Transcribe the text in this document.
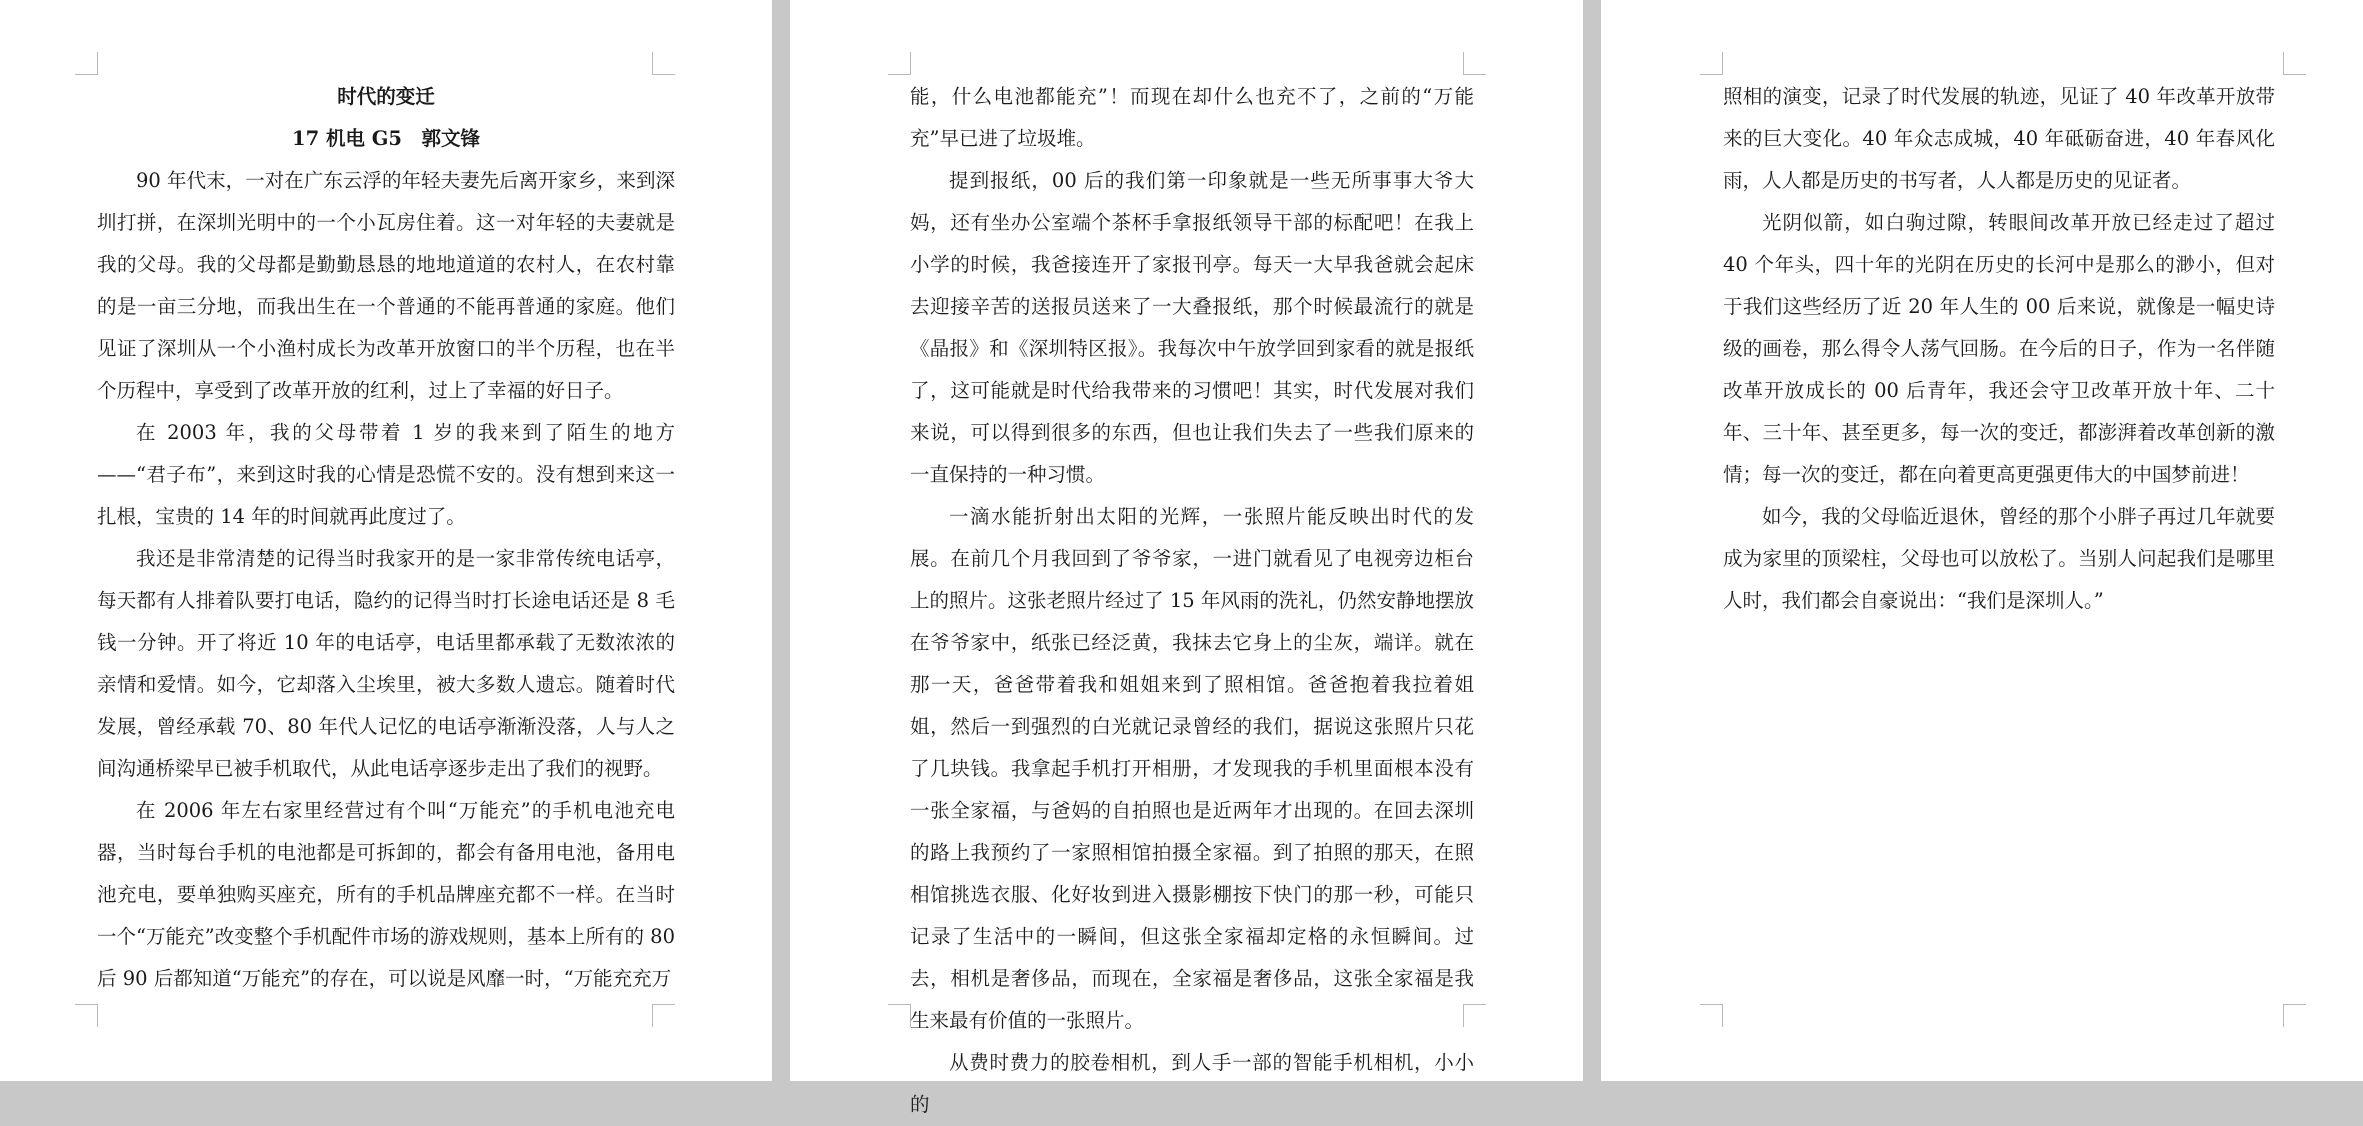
时代的变迁

17 机电 G5　郭文锋

90 年代末，一对在广东云浮的年轻夫妻先后离开家乡，来到深圳打拼，在深圳光明中的一个小瓦房住着。这一对年轻的夫妻就是我的父母。我的父母都是勤勤恳恳的地地道道的农村人，在农村靠的是一亩三分地，而我出生在一个普通的不能再普通的家庭。他们见证了深圳从一个小渔村成长为改革开放窗口的半个历程，也在半个历程中，享受到了改革开放的红利，过上了幸福的好日子。

在 2003 年，我的父母带着 1 岁的我来到了陌生的地方——“君子布”，来到这时我的心情是恐慌不安的。没有想到来这一扎根，宝贵的 14 年的时间就再此度过了。

我还是非常清楚的记得当时我家开的是一家非常传统电话亭，每天都有人排着队要打电话，隐约的记得当时打长途电话还是 8 毛钱一分钟。开了将近 10 年的电话亭，电话里都承载了无数浓浓的亲情和爱情。如今，它却落入尘埃里，被大多数人遗忘。随着时代发展，曾经承载 70、80 年代人记忆的电话亭渐渐没落，人与人之间沟通桥梁早已被手机取代，从此电话亭逐步走出了我们的视野。

在 2006 年左右家里经营过有个叫“万能充”的手机电池充电器，当时每台手机的电池都是可拆卸的，都会有备用电池，备用电池充电，要单独购买座充，所有的手机品牌座充都不一样。在当时一个“万能充”改变整个手机配件市场的游戏规则，基本上所有的 80 后 90 后都知道“万能充”的存在，可以说是风靡一时，“万能充充万

能，什么电池都能充”！而现在却什么也充不了，之前的“万能充”早已进了垃圾堆。

提到报纸，00 后的我们第一印象就是一些无所事事大爷大妈，还有坐办公室端个茶杯手拿报纸领导干部的标配吧！在我上小学的时候，我爸接连开了家报刊亭。每天一大早我爸就会起床去迎接辛苦的送报员送来了一大叠报纸，那个时候最流行的就是《晶报》和《深圳特区报》。我每次中午放学回到家看的就是报纸了，这可能就是时代给我带来的习惯吧！其实，时代发展对我们来说，可以得到很多的东西，但也让我们失去了一些我们原来的一直保持的一种习惯。

一滴水能折射出太阳的光辉，一张照片能反映出时代的发展。在前几个月我回到了爷爷家，一进门就看见了电视旁边柜台上的照片。这张老照片经过了 15 年风雨的洗礼，仍然安静地摆放在爷爷家中，纸张已经泛黄，我抹去它身上的尘灰，端详。就在那一天，爸爸带着我和姐姐来到了照相馆。爸爸抱着我拉着姐姐，然后一到强烈的白光就记录曾经的我们，据说这张照片只花了几块钱。我拿起手机打开相册，才发现我的手机里面根本没有一张全家福，与爸妈的自拍照也是近两年才出现的。在回去深圳的路上我预约了一家照相馆拍摄全家福。到了拍照的那天，在照相馆挑选衣服、化好妆到进入摄影棚按下快门的那一秒，可能只记录了生活中的一瞬间，但这张全家福却定格的永恒瞬间。过去，相机是奢侈品，而现在，全家福是奢侈品，这张全家福是我生来最有价值的一张照片。

从费时费力的胶卷相机，到人手一部的智能手机相机，小小的

照相的演变，记录了时代发展的轨迹，见证了 40 年改革开放带来的巨大变化。40 年众志成城，40 年砥砺奋进，40 年春风化雨，人人都是历史的书写者，人人都是历史的见证者。

光阴似箭，如白驹过隙，转眼间改革开放已经走过了超过 40 个年头，四十年的光阴在历史的长河中是那么的渺小，但对于我们这些经历了近 20 年人生的 00 后来说，就像是一幅史诗级的画卷，那么得令人荡气回肠。在今后的日子，作为一名伴随改革开放成长的 00 后青年，我还会守卫改革开放十年、二十年、三十年、甚至更多，每一次的变迁，都澎湃着改革创新的激情；每一次的变迁，都在向着更高更强更伟大的中国梦前进！

如今，我的父母临近退休，曾经的那个小胖子再过几年就要成为家里的顶梁柱，父母也可以放松了。当别人问起我们是哪里人时，我们都会自豪说出：“我们是深圳人。”
